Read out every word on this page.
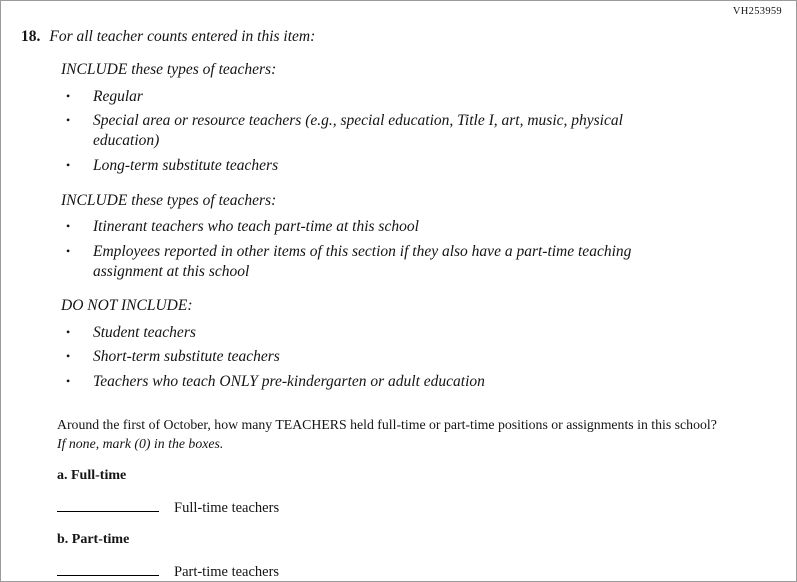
VH253959
18. For all teacher counts entered in this item:
INCLUDE these types of teachers:
•
Regular
•
Special area or resource teachers (e.g., special education, Title I, art, music, physical education)
•
Long-term substitute teachers
INCLUDE these types of teachers:
•
Itinerant teachers who teach part-time at this school
•
Employees reported in other items of this section if they also have a part-time teaching assignment at this school
DO NOT INCLUDE:
•
Student teachers
•
Short-term substitute teachers
•
Teachers who teach ONLY pre-kindergarten or adult education
Around the first of October, how many TEACHERS held full-time or part-time positions or assignments in this school? If none, mark (0) in the boxes.
a. Full-time
Full-time teachers
b. Part-time
Part-time teachers
